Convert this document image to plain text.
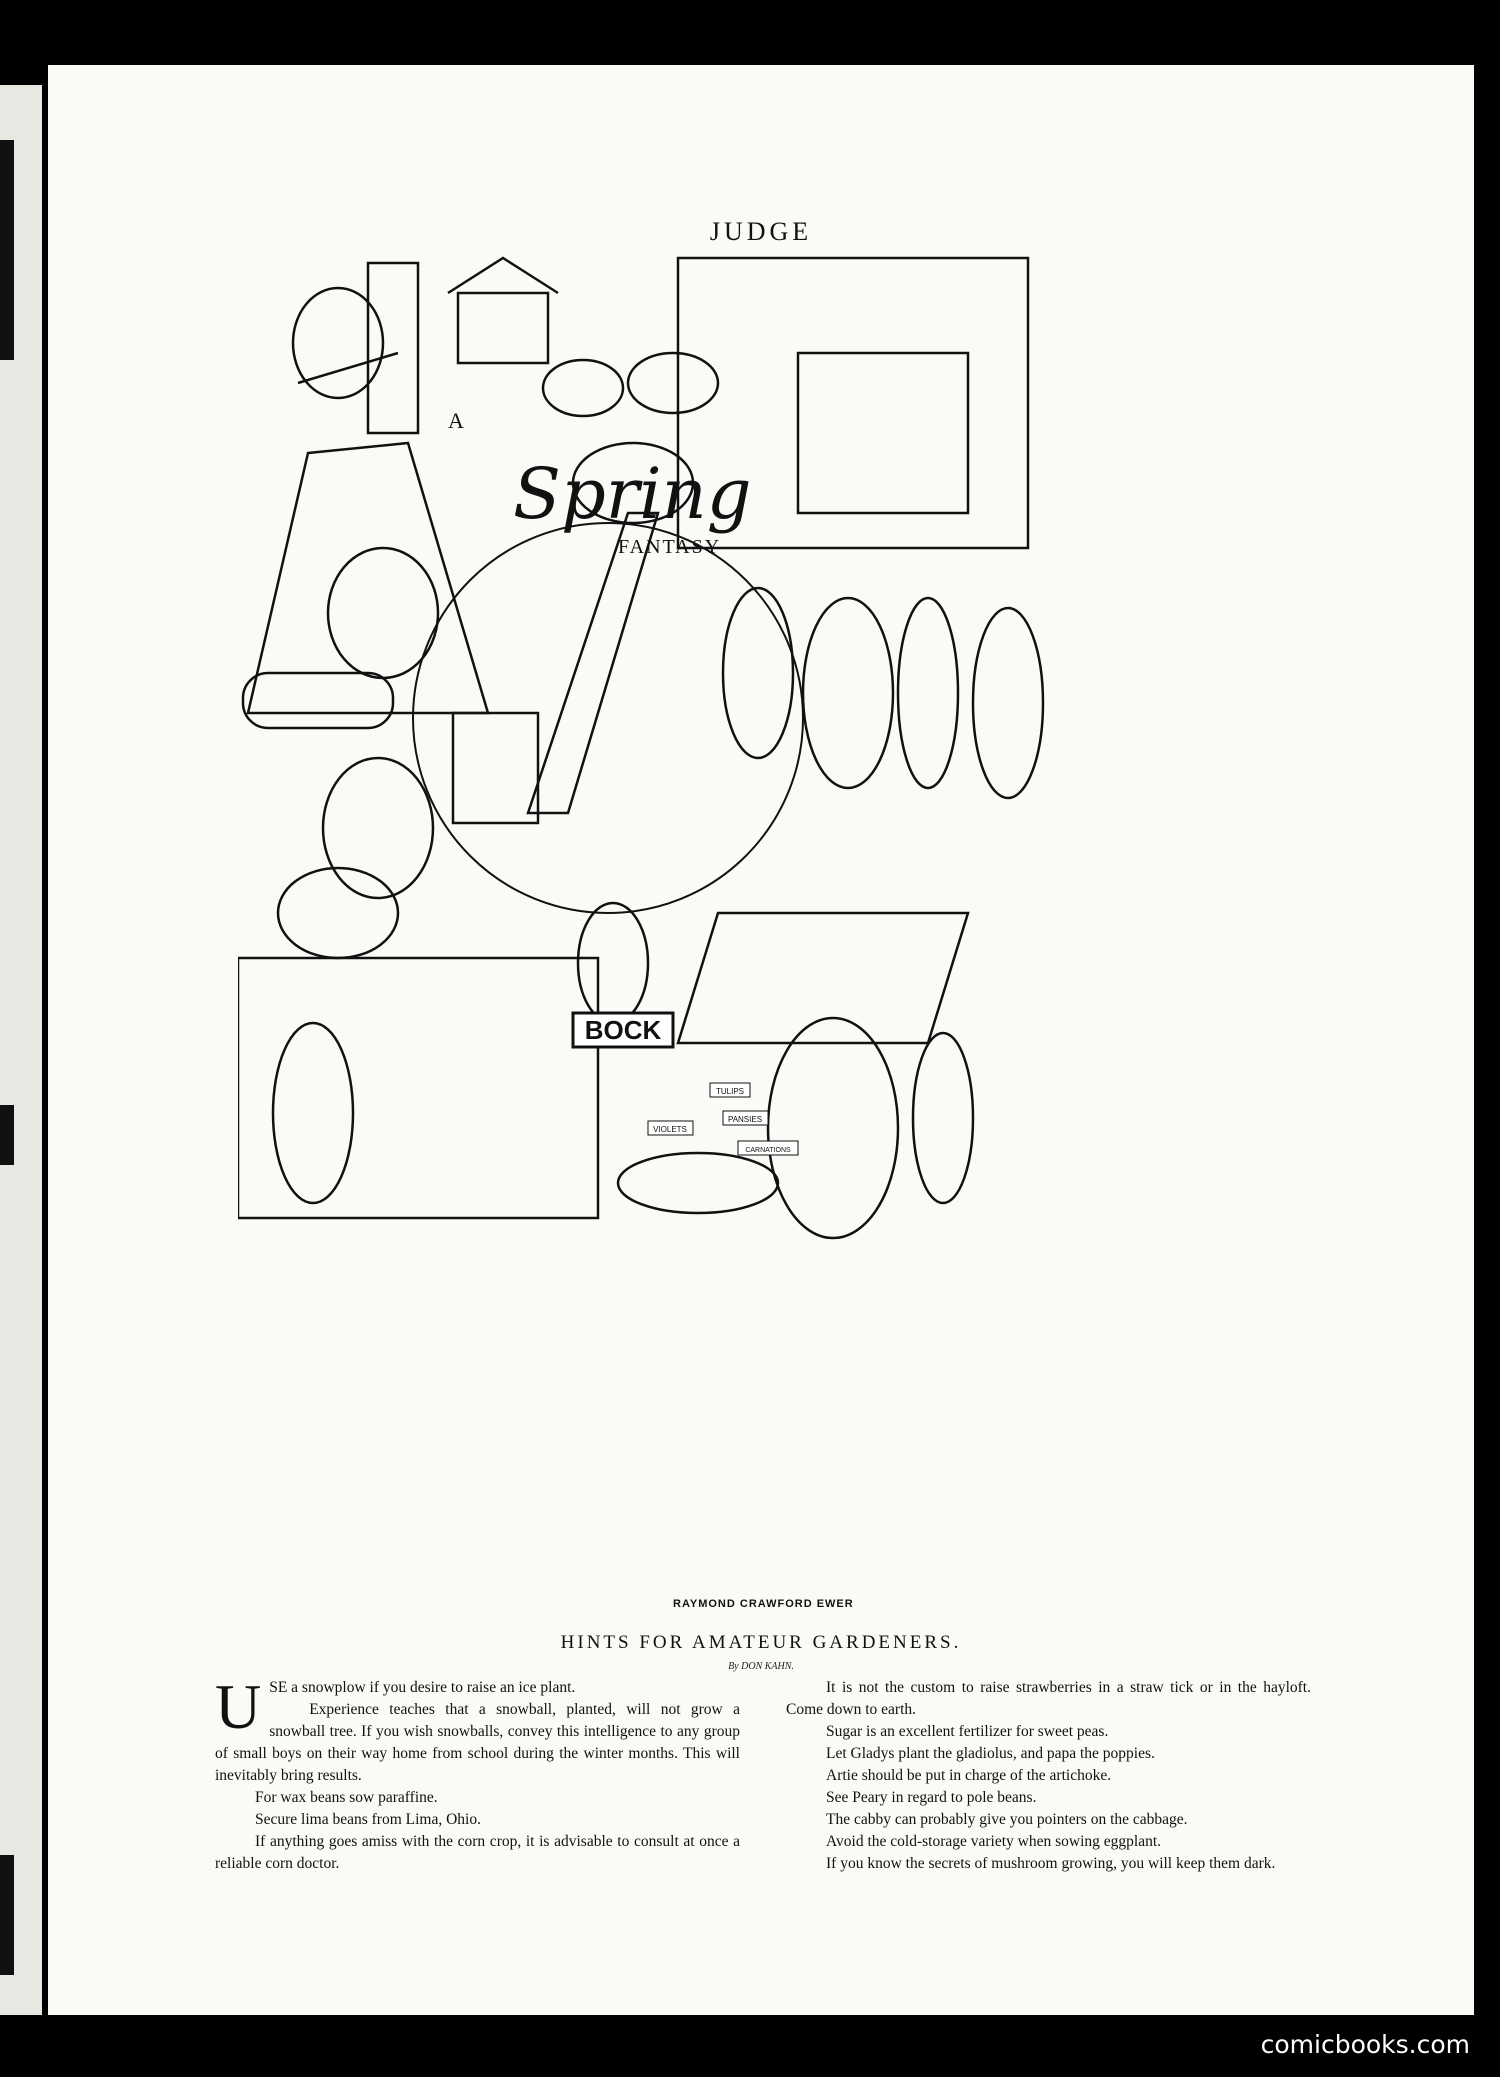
JUDGE
A
Spring
FANTASY
BOCK
TULIPS
PANSIES
VIOLETS
CARNATIONS
RAYMOND CRAWFORD EWER
HINTS FOR AMATEUR GARDENERS.
By DON KAHN.

USE a snowplow if you desire to raise an ice plant.

Experience teaches that a snowball, planted, will not grow a snowball tree. If you wish snowballs, convey this intelligence to any group of small boys on their way home from school during the winter months. This will inevitably bring results.

For wax beans sow paraffine.

Secure lima beans from Lima, Ohio.

If anything goes amiss with the corn crop, it is advisable to consult at once a reliable corn doctor.

It is not the custom to raise strawberries in a straw tick or in the hayloft. Come down to earth.

Sugar is an excellent fertilizer for sweet peas.

Let Gladys plant the gladiolus, and papa the poppies.

Artie should be put in charge of the artichoke.

See Peary in regard to pole beans.

The cabby can probably give you pointers on the cabbage.

Avoid the cold-storage variety when sowing eggplant.

If you know the secrets of mushroom growing, you will keep them dark.

comicbooks.com
